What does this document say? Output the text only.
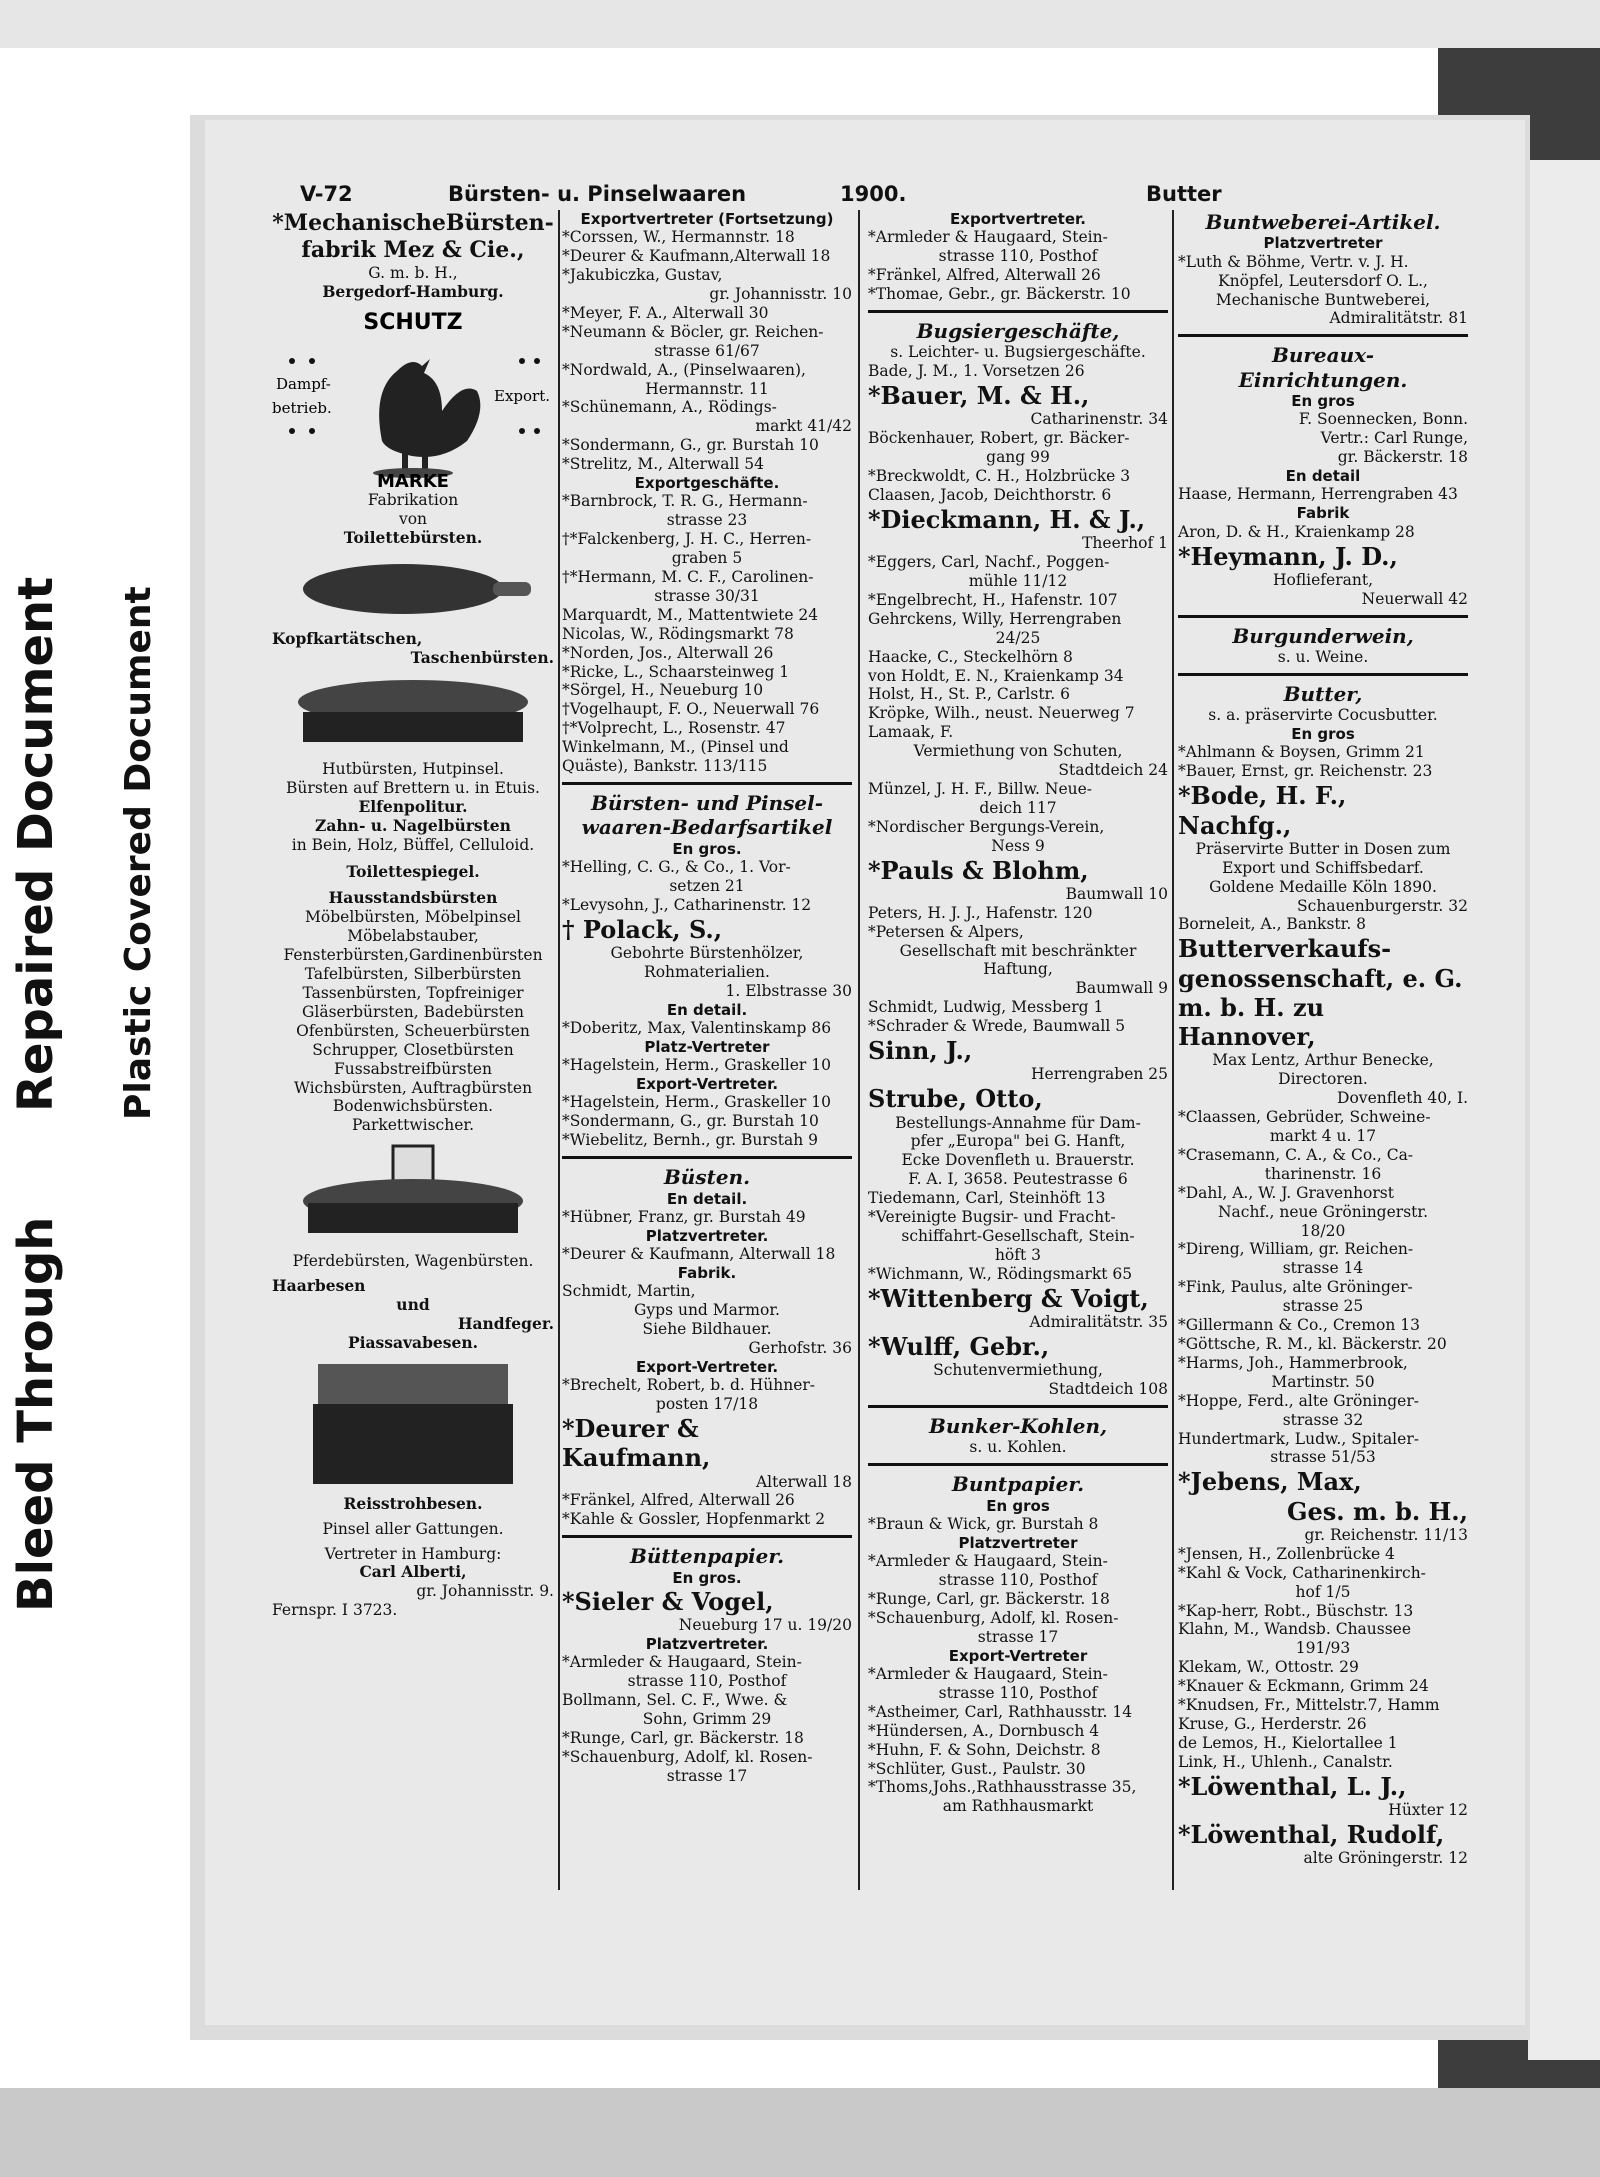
Bleed Through
Repaired Document Plastic Covered Document
V-72	Bürsten- u. Pinselwaaren	1900.	Butter
*MechanischeBürsten-
fabrik Mez & Cie.,
G. m. b. H.,
Bergedorf-Hamburg.
SCHUTZ
MARKE
Dampf-
betrieb.
Export.
Fabrikation
von
Toilettebürsten.
Kopfkartätschen,
Taschenbürsten.
Hutbürsten, Hutpinsel.
Bürsten auf Brettern u. in Etuis.
Elfenpolitur.
Zahn- u. Nagelbürsten
in Bein, Holz, Büffel, Celluloid.
Toilettespiegel.
Hausstandsbürsten
Möbelbürsten, Möbelpinsel
Möbelabstauber,
Fensterbürsten,Gardinenbürsten
Tafelbürsten, Silberbürsten
Tassenbürsten, Topfreiniger
Gläserbürsten, Badebürsten
Ofenbürsten, Scheuerbürsten
Schrupper, Closetbürsten
Fussabstreifbürsten
Wichsbürsten, Auftragbürsten
Bodenwichsbürsten.
Parkettwischer.
Pferdebürsten, Wagenbürsten.
Haarbesen
und
Handfeger.
Piassavabesen.
Reisstrohbesen.
Pinsel aller Gattungen.
Vertreter in Hamburg:
Carl Alberti,
gr. Johannisstr. 9.
Fernspr. I 3723.
Exportvertreter (Fortsetzung)
*Corssen, W., Hermannstr. 18
*Deurer & Kaufmann,Alterwall 18
*Jakubiczka, Gustav,
gr. Johannisstr. 10
*Meyer, F. A., Alterwall 30
*Neumann & Böcler, gr. Reichen-
strasse 61/67
*Nordwald, A., (Pinselwaaren),
Hermannstr. 11
*Schünemann, A., Rödings-
markt 41/42
*Sondermann, G., gr. Burstah 10
*Strelitz, M., Alterwall 54
Exportgeschäfte.
*Barnbrock, T. R. G., Hermann-
strasse 23
†*Falckenberg, J. H. C., Herren-
graben 5
†*Hermann, M. C. F., Carolinen-
strasse 30/31
Marquardt, M., Mattentwiete 24
Nicolas, W., Rödingsmarkt 78
*Norden, Jos., Alterwall 26
*Ricke, L., Schaarsteinweg 1
*Sörgel, H., Neueburg 10
†Vogelhaupt, F. O., Neuerwall 76
†*Volprecht, L., Rosenstr. 47
Winkelmann, M., (Pinsel und
Quäste), Bankstr. 113/115
Bürsten- und Pinsel-
waaren-Bedarfsartikel
En gros.
*Helling, C. G., & Co., 1. Vor-
setzen 21
*Levysohn, J., Catharinenstr. 12
† Polack, S.,
Gebohrte Bürstenhölzer,
Rohmaterialien.
1. Elbstrasse 30
En detail.
*Doberitz, Max, Valentinskamp 86
Platz-Vertreter
*Hagelstein, Herm., Graskeller 10
Export-Vertreter.
*Hagelstein, Herm., Graskeller 10
*Sondermann, G., gr. Burstah 10
*Wiebelitz, Bernh., gr. Burstah 9
Büsten.
En detail.
*Hübner, Franz, gr. Burstah 49
Platzvertreter.
*Deurer & Kaufmann, Alterwall 18
Fabrik.
Schmidt, Martin,
Gyps und Marmor.
Siehe Bildhauer.
Gerhofstr. 36
Export-Vertreter.
*Brechelt, Robert, b. d. Hühner-
posten 17/18
*Deurer & Kaufmann,
Alterwall 18
*Fränkel, Alfred, Alterwall 26
*Kahle & Gossler, Hopfenmarkt 2
Büttenpapier.
En gros.
*Sieler & Vogel,
Neueburg 17 u. 19/20
Platzvertreter.
*Armleder & Haugaard, Stein-
strasse 110, Posthof
Bollmann, Sel. C. F., Wwe. &
Sohn, Grimm 29
*Runge, Carl, gr. Bäckerstr. 18
*Schauenburg, Adolf, kl. Rosen-
strasse 17
Exportvertreter.
*Armleder & Haugaard, Stein-
strasse 110, Posthof
*Fränkel, Alfred, Alterwall 26
*Thomae, Gebr., gr. Bäckerstr. 10
Bugsiergeschäfte,
s. Leichter- u. Bugsiergeschäfte.
Bade, J. M., 1. Vorsetzen 26
*Bauer, M. & H.,
Catharinenstr. 34
Böckenhauer, Robert, gr. Bäcker-
gang 99
*Breckwoldt, C. H., Holzbrücke 3
Claasen, Jacob, Deichthorstr. 6
*Dieckmann, H. & J.,
Theerhof 1
*Eggers, Carl, Nachf., Poggen-
mühle 11/12
*Engelbrecht, H., Hafenstr. 107
Gehrckens, Willy, Herrengraben
24/25
Haacke, C., Steckelhörn 8
von Holdt, E. N., Kraienkamp 34
Holst, H., St. P., Carlstr. 6
Kröpke, Wilh., neust. Neuerweg 7
Lamaak, F.
Vermiethung von Schuten,
Stadtdeich 24
Münzel, J. H. F., Billw. Neue-
deich 117
*Nordischer Bergungs-Verein,
Ness 9
*Pauls & Blohm,
Baumwall 10
Peters, H. J. J., Hafenstr. 120
*Petersen & Alpers,
Gesellschaft mit beschränkter
Haftung,
Baumwall 9
Schmidt, Ludwig, Messberg 1
*Schrader & Wrede, Baumwall 5
Sinn, J.,
Herrengraben 25
Strube, Otto,
Bestellungs-Annahme für Dam-
pfer „Europa" bei G. Hanft,
Ecke Dovenfleth u. Brauerstr.
F. A. I, 3658. Peutestrasse 6
Tiedemann, Carl, Steinhöft 13
*Vereinigte Bugsir- und Fracht-
schiffahrt-Gesellschaft, Stein-
höft 3
*Wichmann, W., Rödingsmarkt 65
*Wittenberg & Voigt,
Admiralitätstr. 35
*Wulff, Gebr.,
Schutenvermiethung,
Stadtdeich 108
Bunker-Kohlen,
s. u. Kohlen.
Buntpapier.
En gros
*Braun & Wick, gr. Burstah 8
Platzvertreter
*Armleder & Haugaard, Stein-
strasse 110, Posthof
*Runge, Carl, gr. Bäckerstr. 18
*Schauenburg, Adolf, kl. Rosen-
strasse 17
Export-Vertreter
*Armleder & Haugaard, Stein-
strasse 110, Posthof
*Astheimer, Carl, Rathhausstr. 14
*Hündersen, A., Dornbusch 4
*Huhn, F. & Sohn, Deichstr. 8
*Schlüter, Gust., Paulstr. 30
*Thoms,Johs.,Rathhausstrasse 35,
am Rathhausmarkt
Buntweberei-Artikel.
Platzvertreter
*Luth & Böhme, Vertr. v. J. H.
Knöpfel, Leutersdorf O. L.,
Mechanische Buntweberei,
Admiralitätstr. 81
Bureaux-
Einrichtungen.
En gros
F. Soennecken, Bonn.
Vertr.: Carl Runge,
gr. Bäckerstr. 18
En detail
Haase, Hermann, Herrengraben 43
Fabrik
Aron, D. & H., Kraienkamp 28
*Heymann, J. D.,
Hoflieferant,
Neuerwall 42
Burgunderwein,
s. u. Weine.
Butter,
s. a. präservirte Cocusbutter.
En gros
*Ahlmann & Boysen, Grimm 21
*Bauer, Ernst, gr. Reichenstr. 23
*Bode, H. F., Nachfg.,
Präservirte Butter in Dosen zum
Export und Schiffsbedarf.
Goldene Medaille Köln 1890.
Schauenburgerstr. 32
Borneleit, A., Bankstr. 8
Butterverkaufs-
genossenschaft, e. G.
m. b. H. zu Hannover,
Max Lentz, Arthur Benecke,
Directoren.
Dovenfleth 40, I.
*Claassen, Gebrüder, Schweine-
markt 4 u. 17
*Crasemann, C. A., & Co., Ca-
tharinenstr. 16
*Dahl, A., W. J. Gravenhorst
Nachf., neue Gröningerstr.
18/20
*Direng, William, gr. Reichen-
strasse 14
*Fink, Paulus, alte Gröninger-
strasse 25
*Gillermann & Co., Cremon 13
*Göttsche, R. M., kl. Bäckerstr. 20
*Harms, Joh., Hammerbrook,
Martinstr. 50
*Hoppe, Ferd., alte Gröninger-
strasse 32
Hundertmark, Ludw., Spitaler-
strasse 51/53
*Jebens, Max,
Ges. m. b. H.,
gr. Reichenstr. 11/13
*Jensen, H., Zollenbrücke 4
*Kahl & Vock, Catharinenkirch-
hof 1/5
*Kap-herr, Robt., Büschstr. 13
Klahn, M., Wandsb. Chaussee
191/93
Klekam, W., Ottostr. 29
*Knauer & Eckmann, Grimm 24
*Knudsen, Fr., Mittelstr.7, Hamm
Kruse, G., Herderstr. 26
de Lemos, H., Kielortallee 1
Link, H., Uhlenh., Canalstr.
*Löwenthal, L. J.,
Hüxter 12
*Löwenthal, Rudolf,
alte Gröningerstr. 12
